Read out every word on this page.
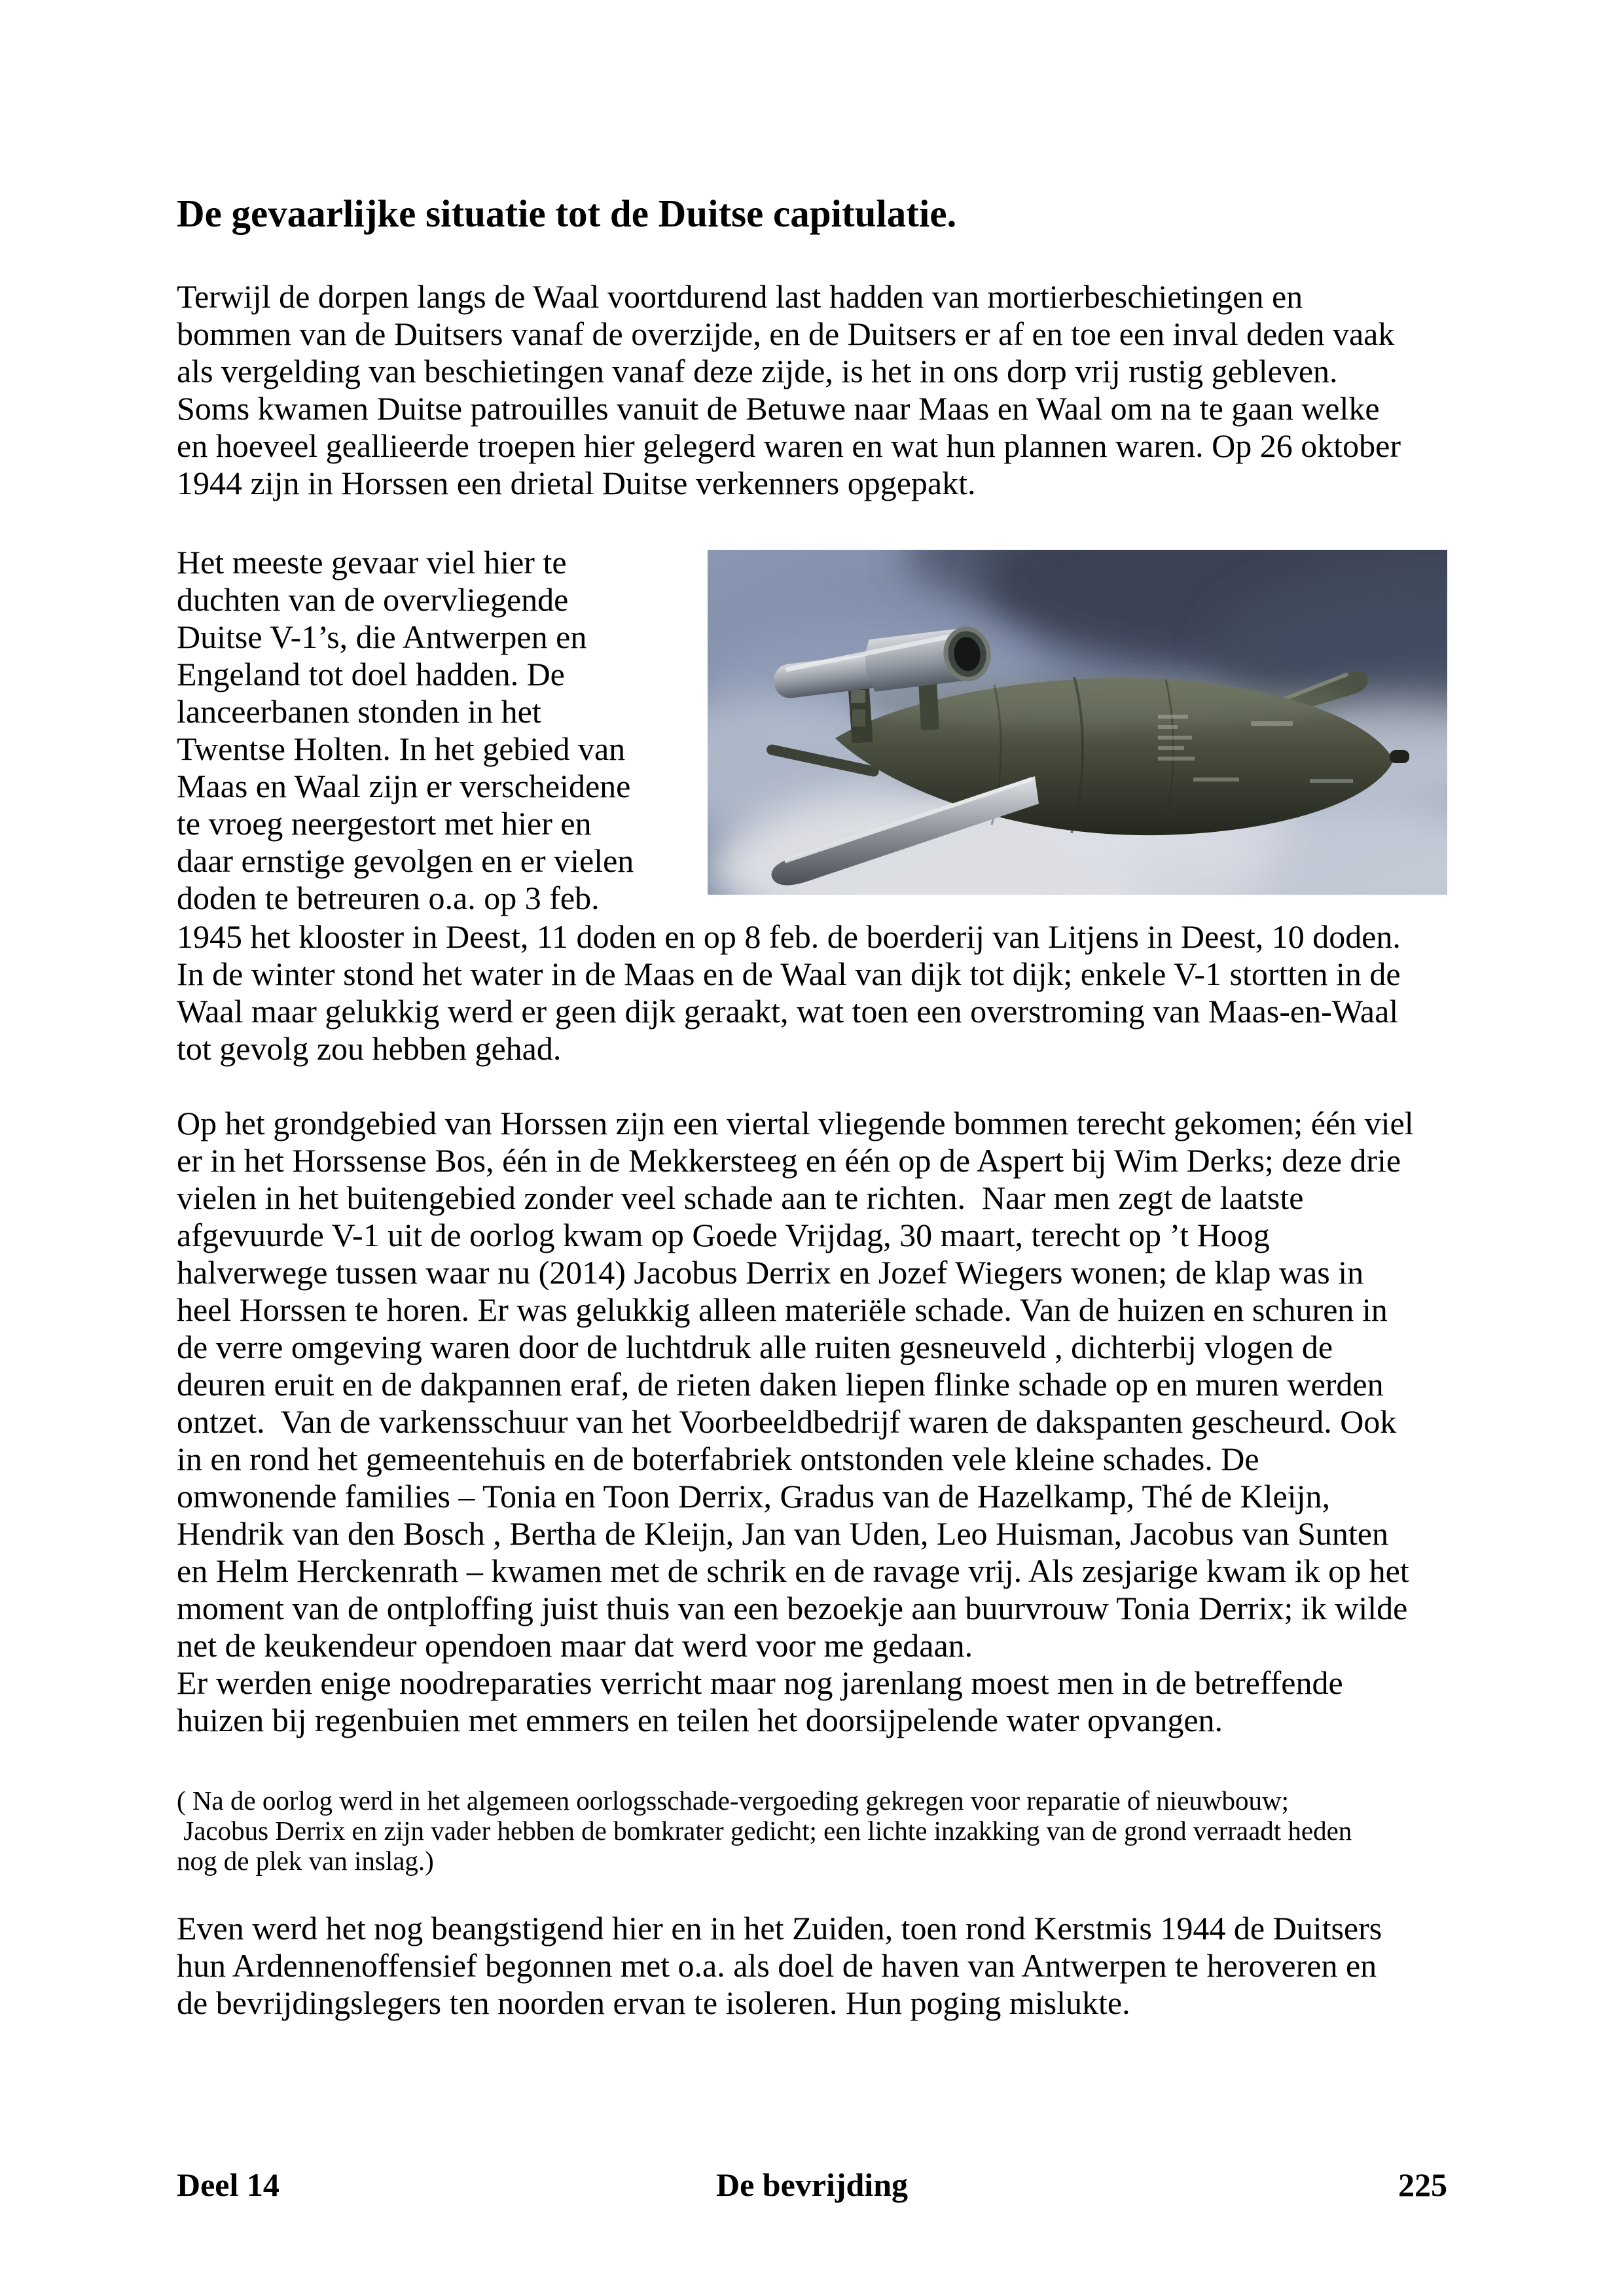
De gevaarlijke situatie tot de Duitse capitulatie.
Terwijl de dorpen langs de Waal voortdurend last hadden van mortierbeschietingen en
bommen van de Duitsers vanaf de overzijde, en de Duitsers er af en toe een inval deden vaak
als vergelding van beschietingen vanaf deze zijde, is het in ons dorp vrij rustig gebleven.
Soms kwamen Duitse patrouilles vanuit de Betuwe naar Maas en Waal om na te gaan welke
en hoeveel geallieerde troepen hier gelegerd waren en wat hun plannen waren. Op 26 oktober
1944 zijn in Horssen een drietal Duitse verkenners opgepakt.
Het meeste gevaar viel hier te
duchten van de overvliegende
Duitse V-1’s, die Antwerpen en
Engeland tot doel hadden. De
lanceerbanen stonden in het
Twentse Holten. In het gebied van
Maas en Waal zijn er verscheidene
te vroeg neergestort met hier en
daar ernstige gevolgen en er vielen
doden te betreuren o.a. op 3 feb.
1945 het klooster in Deest, 11 doden en op 8 feb. de boerderij van Litjens in Deest, 10 doden.
In de winter stond het water in de Maas en de Waal van dijk tot dijk; enkele V-1 stortten in de
Waal maar gelukkig werd er geen dijk geraakt, wat toen een overstroming van Maas-en-Waal
tot gevolg zou hebben gehad.
Op het grondgebied van Horssen zijn een viertal vliegende bommen terecht gekomen; één viel
er in het Horssense Bos, één in de Mekkersteeg en één op de Aspert bij Wim Derks; deze drie
vielen in het buitengebied zonder veel schade aan te richten.  Naar men zegt de laatste
afgevuurde V-1 uit de oorlog kwam op Goede Vrijdag, 30 maart, terecht op ’t Hoog
halverwege tussen waar nu (2014) Jacobus Derrix en Jozef Wiegers wonen; de klap was in
heel Horssen te horen. Er was gelukkig alleen materiële schade. Van de huizen en schuren in
de verre omgeving waren door de luchtdruk alle ruiten gesneuveld , dichterbij vlogen de
deuren eruit en de dakpannen eraf, de rieten daken liepen flinke schade op en muren werden
ontzet.  Van de varkensschuur van het Voorbeeldbedrijf waren de dakspanten gescheurd. Ook
in en rond het gemeentehuis en de boterfabriek ontstonden vele kleine schades. De
omwonende families – Tonia en Toon Derrix, Gradus van de Hazelkamp, Thé de Kleijn,
Hendrik van den Bosch , Bertha de Kleijn, Jan van Uden, Leo Huisman, Jacobus van Sunten
en Helm Herckenrath – kwamen met de schrik en de ravage vrij. Als zesjarige kwam ik op het
moment van de ontploffing juist thuis van een bezoekje aan buurvrouw Tonia Derrix; ik wilde
net de keukendeur opendoen maar dat werd voor me gedaan.
Er werden enige noodreparaties verricht maar nog jarenlang moest men in de betreffende
huizen bij regenbuien met emmers en teilen het doorsijpelende water opvangen.
( Na de oorlog werd in het algemeen oorlogsschade-vergoeding gekregen voor reparatie of nieuwbouw;
Jacobus Derrix en zijn vader hebben de bomkrater gedicht; een lichte inzakking van de grond verraadt heden
nog de plek van inslag.)
Even werd het nog beangstigend hier en in het Zuiden, toen rond Kerstmis 1944 de Duitsers
hun Ardennenoffensief begonnen met o.a. als doel de haven van Antwerpen te heroveren en
de bevrijdingslegers ten noorden ervan te isoleren. Hun poging mislukte.
Deel 14	De bevrijding	225
